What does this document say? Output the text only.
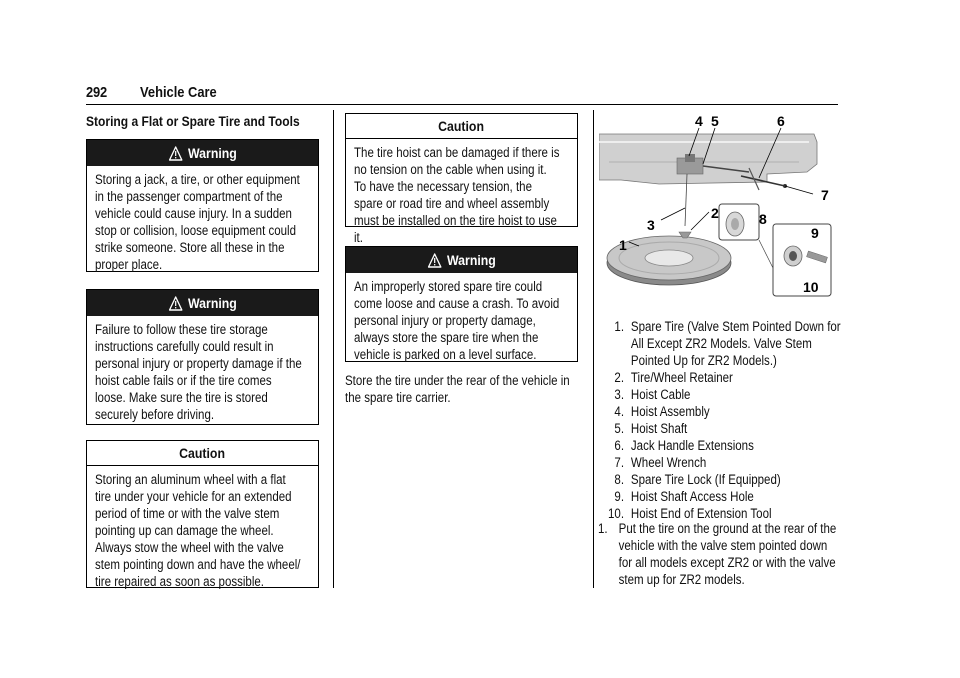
292 Vehicle Care
Storing a Flat or Spare Tire and Tools
Warning

Storing a jack, a tire, or other equipment in the passenger compartment of the vehicle could cause injury. In a sudden stop or collision, loose equipment could strike someone. Store all these in the proper place.

Warning

Failure to follow these tire storage instructions carefully could result in personal injury or property damage if the hoist cable fails or if the tire comes loose. Make sure the tire is stored securely before driving.

Caution

Storing an aluminum wheel with a flat tire under your vehicle for an extended period of time or with the valve stem pointing up can damage the wheel. Always stow the wheel with the valve stem pointing down and have the wheel/ tire repaired as soon as possible.

Caution

The tire hoist can be damaged if there is no tension on the cable when using it. To have the necessary tension, the spare or road tire and wheel assembly must be installed on the tire hoist to use it.

Warning

An improperly stored spare tire could come loose and cause a crash. To avoid personal injury or property damage, always store the spare tire when the vehicle is parked on a level surface.

Store the tire under the rear of the vehicle in the spare tire carrier.

1
2
3
4 5	6
7
8
9
10
1. Spare Tire (Valve Stem Pointed Down for All Except ZR2 Models. Valve Stem Pointed Up for ZR2 Models.)
2. Tire/Wheel Retainer
3. Hoist Cable
4. Hoist Assembly
5. Hoist Shaft
6. Jack Handle Extensions
7. Wheel Wrench
8. Spare Tire Lock (If Equipped)
9. Hoist Shaft Access Hole
10. Hoist End of Extension Tool
1. Put the tire on the ground at the rear of the vehicle with the valve stem pointed down for all models except ZR2 or with the valve stem up for ZR2 models.
